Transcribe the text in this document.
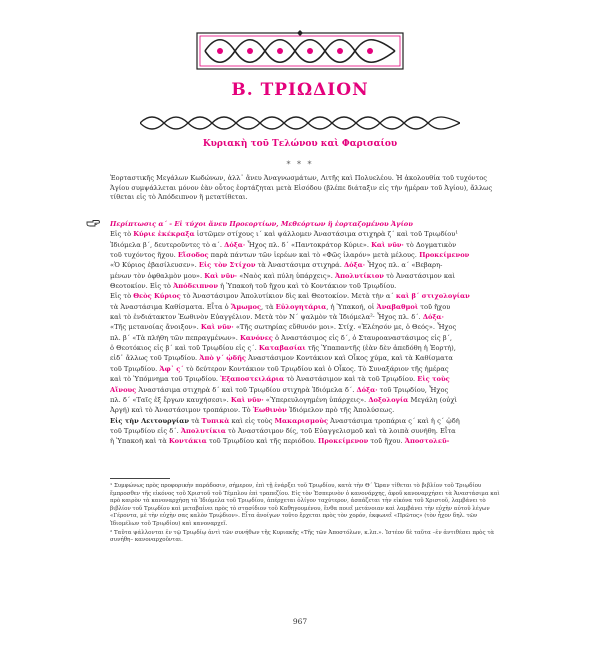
Β. ΤΡΙΩΔΙΟΝ
Κυριακὴ τοῦ Τελώνου καὶ Φαρισαίου
* * *
Ἐορταστικῆς Μεγάλων Κωδώνων, ἀλλ᾽ ἄνευ Ἀναγνωσμάτων, Λιτῆς καὶ Πολυελέου. Ἡ ἀκολουθία τοῦ τυχόντος Ἁγίου συμψάλλεται μόνον ἐὰν οὗτος ἑορτάζηται μετὰ Εἰσόδου (βλέπε διάταξιν εἰς τὴν ἡμέραν τοῦ Ἁγίου), ἄλλως τίθεται εἰς τὸ Ἀπόδειπνον ἢ μετατίθεται.
Περίπτωσις α΄ - Εἰ τύχοι ἄνευ Προεορτίων, Μεθεόρτων ἢ ἑορταζομένου Ἁγίου
Εἰς τὸ Κύριε ἐκέκραξα ἱστῶμεν στίχους ι΄ καὶ ψάλλομεν Ἀναστάσιμα στιχηρὰ ζ΄ καὶ τοῦ Τριῳδίου¹
Ἰδιόμελα β΄, δευτεροῦντες τὸ α΄. Δόξα· Ἦχος πλ. δ΄ «Παντοκράτορ Κύριε». Καὶ νῦν· τὸ Δογματικὸν
τοῦ τυχόντος ἤχου. Εἴσοδος παρὰ πάντων τῶν ἱερέων καὶ τὸ «Φῶς ἱλαρόν» μετὰ μέλους. Προκείμενον
«Ὁ Κύριος ἐβασίλευσεν». Εἰς τὸν Στίχον τὰ Ἀναστάσιμα στιχηρά. Δόξα· Ἦχος πλ. α΄ «Βεβαρη-
μένων τὸν ὀφθαλμὸν μου». Καὶ νῦν· «Ναὸς καὶ πύλη ὑπάρχεις». Ἀπολυτίκιον τὸ Ἀναστάσιμον καὶ
Θεοτοκίον. Εἰς τὸ Ἀπόδειπνον ἡ Ὑπακοὴ τοῦ ἤχου καὶ τὸ Κοντάκιον τοῦ Τριῳδίου.
Εἰς τὸ Θεὸς Κύριος τὸ Ἀναστάσιμον Ἀπολυτίκιον δὶς καὶ Θεοτοκίον. Μετὰ τὴν α΄ καὶ β΄ στιχολογίαν
τὰ Ἀναστάσιμα Καθίσματα. Εἶτα ὁ Ἄμωμος, τὰ Εὐλογητάρια, ἡ Ὑπακοή, οἱ Ἀναβαθμοὶ τοῦ ἤχου
καὶ τὸ ἐνδιάτακτον Ἑωθινὸν Εὐαγγέλιον. Μετὰ τὸν Ν΄ ψαλμὸν τὰ Ἰδιόμελα²· Ἦχος πλ. δ΄. Δόξα·
«Τῆς μετανοίας ἄνοιξον». Καὶ νῦν· «Τῆς σωτηρίας εὔθυνόν μοι». Στίχ. «Ἐλέησόν με, ὁ Θεός». Ἦχος
πλ. β΄ «Τὰ πλήθη τῶν πεπραγμένων». Κανόνες ὁ Ἀναστάσιμος εἰς δ΄, ὁ Σταυροαναστάσιμος εἰς β΄,
ὁ Θεοτόκιος εἰς β΄ καὶ τοῦ Τριῳδίου εἰς ς΄. Καταβασίαι τῆς Ὑπαπαντῆς (ἐὰν δὲν ἀπεδόθη ἡ Ἑορτή),
εἰδ᾽ ἄλλως τοῦ Τριῳδίου. Ἀπὸ γ΄ ᾠδῆς Ἀναστάσιμον Κοντάκιον καὶ Οἶκος χύμα, καὶ τὰ Καθίσματα
τοῦ Τριῳδίου. Ἀφ᾽ ς΄ τὸ δεύτερον Κοντάκιον τοῦ Τριῳδίου καὶ ὁ Οἶκος. Τὸ Συναξάριον τῆς ἡμέρας
καὶ τὸ Ὑπόμνημα τοῦ Τριῳδίου. Ἐξαποστειλάρια τὸ Ἀναστάσιμον καὶ τὰ τοῦ Τριῳδίου. Εἰς τοὺς
Αἴνους Ἀναστάσιμα στιχηρὰ δ΄ καὶ τοῦ Τριῳδίου στιχηρὰ Ἰδιόμελα δ΄. Δόξα· τοῦ Τριῳδίου, Ἦχος
πλ. δ΄ «Ταῖς ἐξ ἔργων καυχήσεσι». Καὶ νῦν· «Ὑπερευλογημένη ὑπάρχεις». Δοξολογία Μεγάλη (οὐχὶ
Ἀργή) καὶ τὸ Ἀναστάσιμον τροπάριον. Τὸ Ἑωθινὸν Ἰδιόμελον πρὸ τῆς Ἀπολύσεως.
Εἰς τὴν Λειτουργίαν τὰ Τυπικὰ καὶ εἰς τοὺς Μακαρισμοὺς Ἀναστάσιμα τροπάρια ς΄ καὶ ἡ ς΄ ᾠδὴ
τοῦ Τριῳδίου εἰς δ΄. Ἀπολυτίκια τὸ Ἀναστάσιμον δίς, τοῦ Εὐαγγελισμοῦ καὶ τὰ λοιπὰ συνήθη. Εἶτα
ἡ Ὑπακοὴ καὶ τὰ Κοντάκια τοῦ Τριῳδίου καὶ τῆς περιόδου. Προκείμενον τοῦ ἤχου. Ἀποστολεῦ-

¹ Συμφώνως πρὸς προφορικὴν παράδοσιν, σήμερον, ἐπὶ τῇ ἐνάρξει τοῦ Τριῳδίου, κατὰ τὴν Θ΄ Ὥραν τίθεται τὸ βιβλίον τοῦ Τριῳδίου ἔμπροσθεν τῆς εἰκόνος τοῦ Χριστοῦ τοῦ Τέμπλου ἐπὶ τραπεζίου. Εἰς τὸν Ἑσπερινὸν ὁ κανονάρχης, ἀφοῦ κανοναρχήσει τὰ Ἀναστάσιμα καὶ πρὸ καιρὸν τὰ κανοναρχήσῃ τὰ Ἰδιόμελα τοῦ Τριῳδίου, ἀπέρχεται ὀλίγον ταχύτερον, ἀσπάζεται τὴν εἰκόνα τοῦ Χριστοῦ, λαμβάνει τὸ βιβλίον τοῦ Τριῳδίου καὶ μεταβαίνει πρὸς τὸ στασίδιον τοῦ Καθηγουμένου, ἔνθα ποιεῖ μετάνοιαν καὶ λαμβάνει τὴν εὐχὴν αὐτοῦ λέγων «Γέροντα, μὲ τὴν εὐχὴν σας καλὸν Τριῴδιον». Εἶτα ἀνοίγων τοῦτο ἔρχεται πρὸς τὸν χορόν, ἐκφωνεῖ «Πρῶτος» (τὸν ἦχον δηλ. τῶν Ἰδιομέλων τοῦ Τριῳδίου) καὶ κανοναρχεῖ.

² Ταῦτα ψάλλονται ἐν τῷ Τριῳδίῳ ἀντὶ τῶν συνήθων τῆς Κυριακῆς «Τῆς τῶν Ἀποστόλων, κ.λπ.». Ἰστέον δὲ ταῦτα –ἐν ἀντιθέσει πρὸς τὰ συνήθη– κανοναρχοῦνται.

967
